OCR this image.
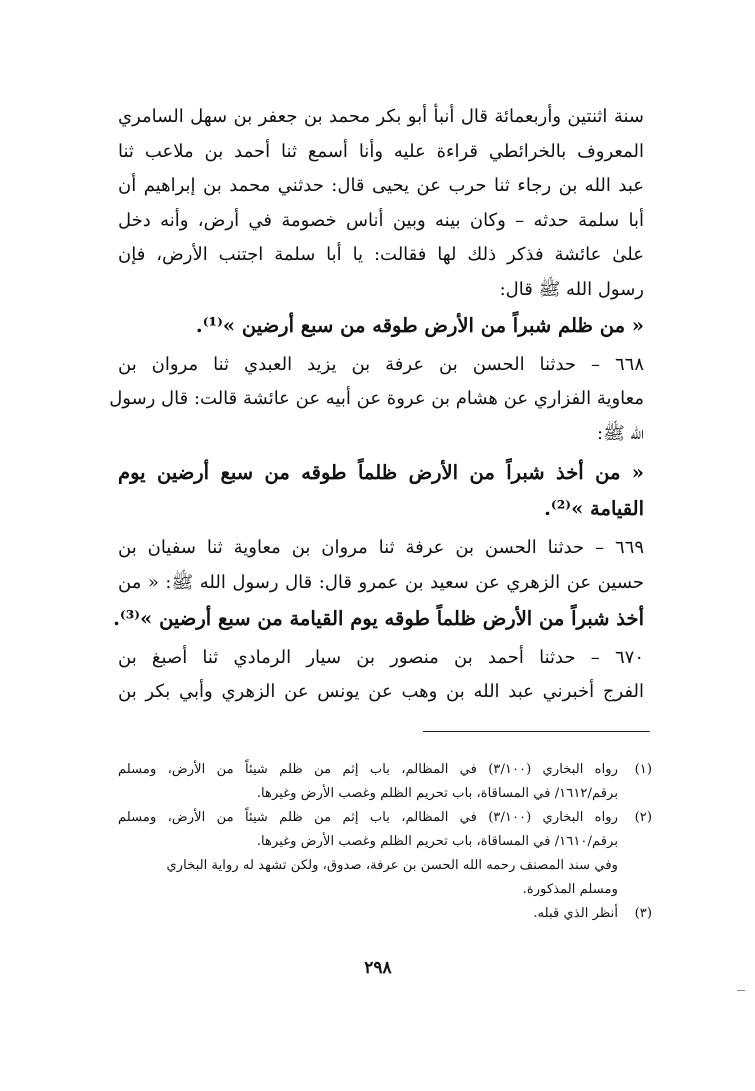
سنة اثنتين وأربعمائة قال أنبأ أبو بكر محمد بن جعفر بن سهل السامري
المعروف بالخرائطي قراءة عليه وأنا أسمع ثنا أحمد بن ملاعب ثنا
عبد الله بن رجاء ثنا حرب عن يحيى قال: حدثني محمد بن إبراهيم أن
أبا سلمة حدثه – وكان بينه وبين أناس خصومة في أرض، وأنه دخل
علىٰ عائشة فذكر ذلك لها فقالت: يا أبا سلمة اجتنب الأرض، فإن
رسول الله ﷺ قال:
« من ظلم شبراً من الأرض طوقه من سبع أرضين »⁽¹⁾.
٦٦٨ – حدثنا الحسن بن عرفة بن يزيد العبدي ثنا مروان بن
معاوية الفزاري عن هشام بن عروة عن أبيه عن عائشة قالت: قال رسول
الله ﷺ:
« من أخذ شبراً من الأرض ظلماً طوقه من سبع أرضين يوم
القيامة »⁽²⁾.
٦٦٩ – حدثنا الحسن بن عرفة ثنا مروان بن معاوية ثنا سفيان بن
حسين عن الزهري عن سعيد بن عمرو قال: قال رسول الله ﷺ: « من
أخذ شبراً من الأرض ظلماً طوقه يوم القيامة من سبع أرضين »⁽³⁾.
٦٧٠ – حدثنا أحمد بن منصور بن سيار الرمادي ثنا أصبغ بن
الفرج أخبرني عبد الله بن وهب عن يونس عن الزهري وأبي بكر بن
(١)رواه البخاري (٣/١٠٠) في المظالم، باب إثم من ظلم شيئاً من الأرض، ومسلم
برقم/١٦١٢/ في المساقاة، باب تحريم الظلم وغصب الأرض وغيرها.
(٢)رواه البخاري (٣/١٠٠) في المظالم، باب إثم من ظلم شيئاً من الأرض، ومسلم
برقم/١٦١٠/ في المساقاة، باب تحريم الظلم وغصب الأرض وغيرها.
وفي سند المصنف رحمه الله الحسن بن عرفة، صدوق، ولكن تشهد له رواية البخاري
ومسلم المذكورة.
(٣)أنظر الذي قبله.
٢٩٨
